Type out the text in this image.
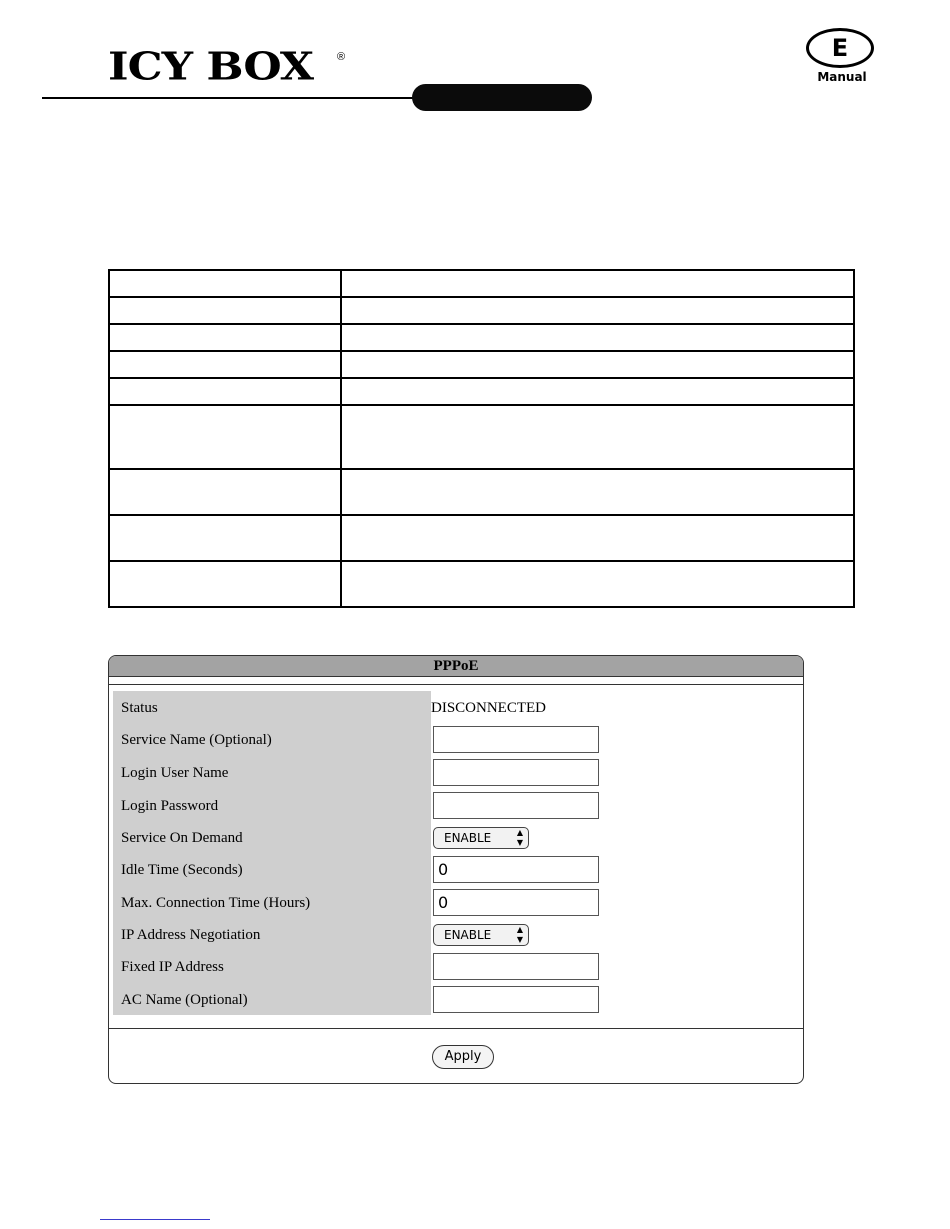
ICY BOX ®	E
Manual

PPPoE
Status	DISCONNECTED
Service Name (Optional)
Login User Name
Login Password
Service On Demand	ENABLE	▲
▼
Idle Time (Seconds)	0
Max. Connection Time (Hours)	0
IP Address Negotiation	ENABLE	▲
▼
Fixed IP Address
AC Name (Optional)
Apply
